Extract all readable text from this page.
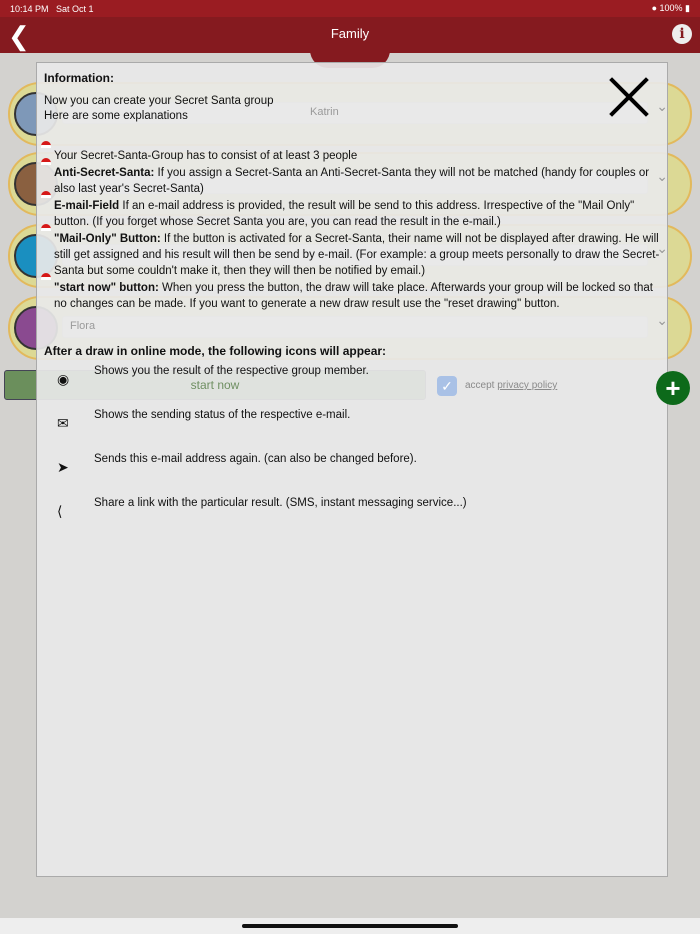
10:14 PM Sat Oct 1	● 100% ▮
❮	Family	i
Katrin	⌄
⌄
⌄
Flora	⌄
start now	✓	accept privacy policy	+
Information:
Now you can create your Secret Santa group
Here are some explanations
Your Secret-Santa-Group has to consist of at least 3 people
Anti-Secret-Santa: If you assign a Secret-Santa an Anti-Secret-Santa they will not be matched (handy for couples or also last year's Secret-Santa)
E-mail-Field If an e-mail address is provided, the result will be send to this address. Irrespective of the "Mail Only" button. (If you forget whose Secret Santa you are, you can read the result in the e-mail.)
"Mail-Only" Button: If the button is activated for a Secret-Santa, their name will not be displayed after drawing. He will still get assigned and his result will then be send by e-mail. (For example: a group meets personally to draw the Secret-Santa but some couldn't make it, then they will then be notified by email.)
"start now" button: When you press the button, the draw will take place. Afterwards your group will be locked so that no changes can be made. If you want to generate a new draw result use the "reset drawing" button.
After a draw in online mode, the following icons will appear:
◉ Shows you the result of the respective group member.
✉ Shows the sending status of the respective e-mail.
➤ Sends this e-mail address again. (can also be changed before).
⟨	Share a link with the particular result. (SMS, instant messaging service...)
